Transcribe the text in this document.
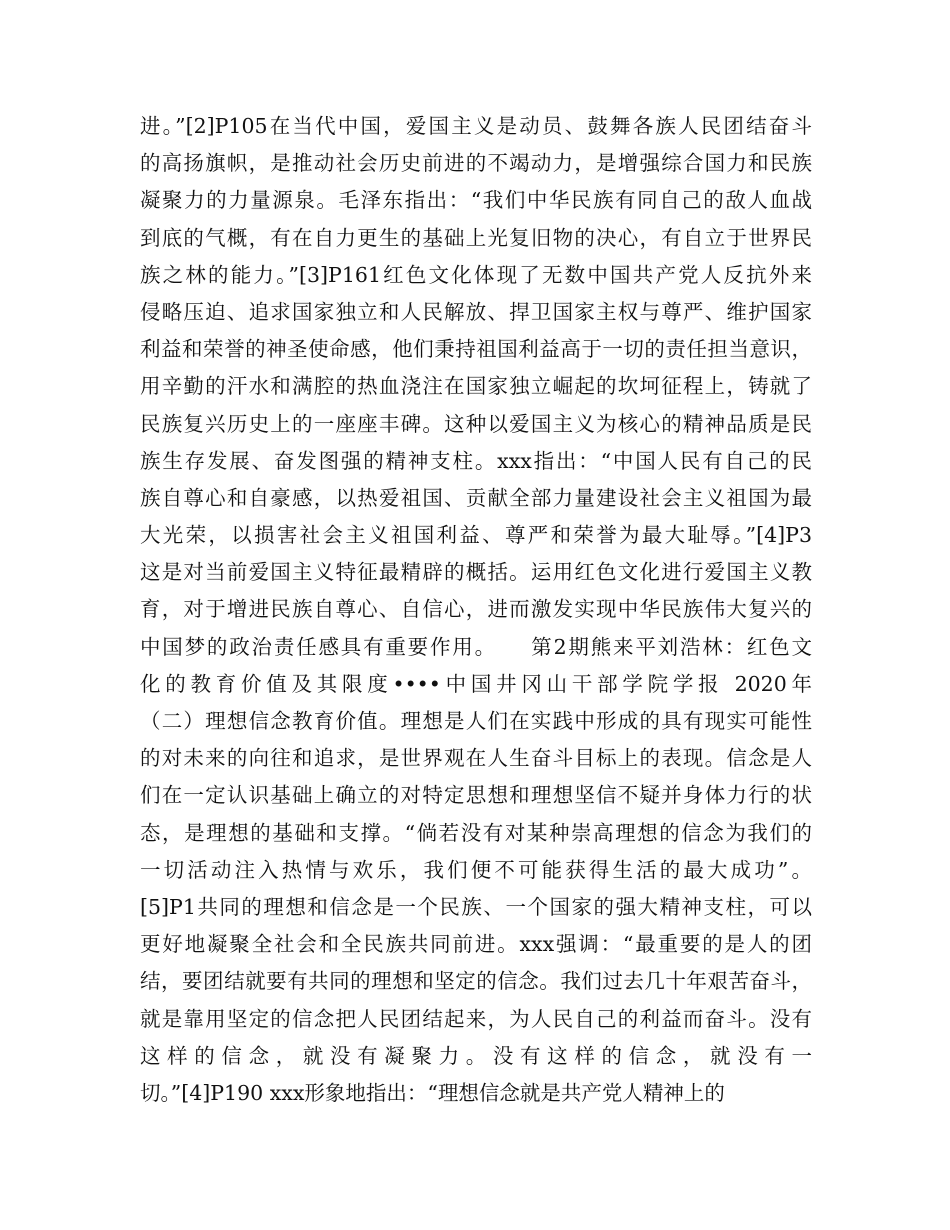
进。”[2]P105在当代中国，爱国主义是动员、鼓舞各族人民团结奋斗
的高扬旗帜，是推动社会历史前进的不竭动力，是增强综合国力和民族
凝聚力的力量源泉。毛泽东指出：“我们中华民族有同自己的敌人血战
到底的气概，有在自力更生的基础上光复旧物的决心，有自立于世界民
族之林的能力。”[3]P161红色文化体现了无数中国共产党人反抗外来
侵略压迫、追求国家独立和人民解放、捍卫国家主权与尊严、维护国家
利益和荣誉的神圣使命感，他们秉持祖国利益高于一切的责任担当意识，
用辛勤的汗水和满腔的热血浇注在国家独立崛起的坎坷征程上，铸就了
民族复兴历史上的一座座丰碑。这种以爱国主义为核心的精神品质是民
族生存发展、奋发图强的精神支柱。xxx指出：“中国人民有自己的民
族自尊心和自豪感，以热爱祖国、贡献全部力量建设社会主义祖国为最
大光荣，以损害社会主义祖国利益、尊严和荣誉为最大耻辱。”[4]P3
这是对当前爱国主义特征最精辟的概括。运用红色文化进行爱国主义教
育，对于增进民族自尊心、自信心，进而激发实现中华民族伟大复兴的
中国梦的政治责任感具有重要作用。　　第2期熊来平刘浩林：红色文
化的教育价值及其限度••••中国井冈山干部学院学报 2020年
（二）理想信念教育价值。理想是人们在实践中形成的具有现实可能性
的对未来的向往和追求，是世界观在人生奋斗目标上的表现。信念是人
们在一定认识基础上确立的对特定思想和理想坚信不疑并身体力行的状
态，是理想的基础和支撑。“倘若没有对某种崇高理想的信念为我们的
一切活动注入热情与欢乐，我们便不可能获得生活的最大成功”。
[5]P1共同的理想和信念是一个民族、一个国家的强大精神支柱，可以
更好地凝聚全社会和全民族共同前进。xxx强调：“最重要的是人的团
结，要团结就要有共同的理想和坚定的信念。我们过去几十年艰苦奋斗，
就是靠用坚定的信念把人民团结起来，为人民自己的利益而奋斗。没有
这样的信念，就没有凝聚力。没有这样的信念，就没有一
切。”[4]P190 xxx形象地指出：“理想信念就是共产党人精神上的
